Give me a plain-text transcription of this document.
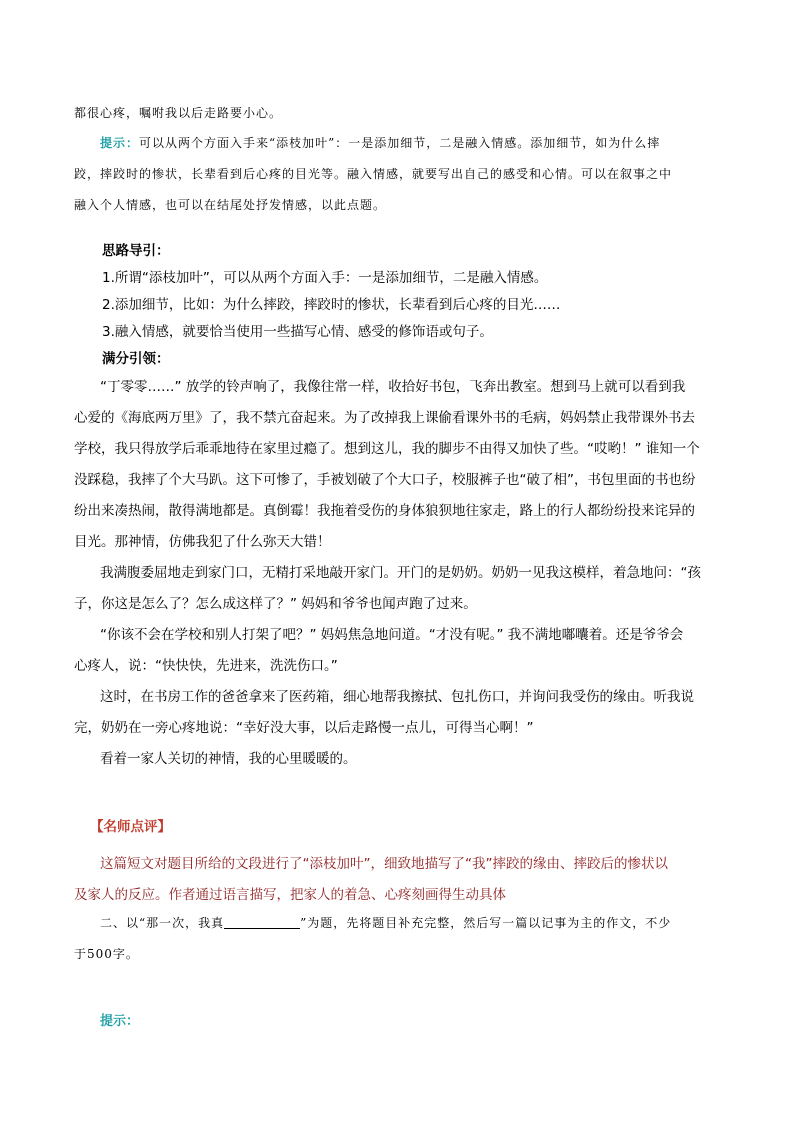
都很心疼，嘱咐我以后走路要小心。

提示：可以从两个方面入手来“添枝加叶”：一是添加细节，二是融入情感。添加细节，如为什么摔
跤，摔跤时的惨状，长辈看到后心疼的目光等。融入情感，就要写出自己的感受和心情。可以在叙事之中
融入个人情感，也可以在结尾处抒发情感，以此点题。
思路导引：
1.所谓“添枝加叶”，可以从两个方面入手：一是添加细节，二是融入情感。
2.添加细节，比如：为什么摔跤，摔跤时的惨状，长辈看到后心疼的目光……
3.融入情感，就要恰当使用一些描写心情、感受的修饰语或句子。
满分引领：
“丁零零……” 放学的铃声响了，我像往常一样，收拾好书包，飞奔出教室。想到马上就可以看到我
心爱的《海底两万里》了，我不禁亢奋起来。为了改掉我上课偷看课外书的毛病，妈妈禁止我带课外书去
学校，我只得放学后乖乖地待在家里过瘾了。想到这儿，我的脚步不由得又加快了些。“哎哟！” 谁知一个
没踩稳，我摔了个大马趴。这下可惨了，手被划破了个大口子，校服裤子也“破了相”，书包里面的书也纷
纷出来凑热闹，散得满地都是。真倒霉！我拖着受伤的身体狼狈地往家走，路上的行人都纷纷投来诧异的
目光。那神情，仿佛我犯了什么弥天大错！
我满腹委屈地走到家门口，无精打采地敲开家门。开门的是奶奶。奶奶一见我这模样，着急地问：“孩
子，你这是怎么了？怎么成这样了？” 妈妈和爷爷也闻声跑了过来。
“你该不会在学校和别人打架了吧？” 妈妈焦急地问道。“才没有呢。” 我不满地嘟囔着。还是爷爷会
心疼人，说：“快快快，先进来，洗洗伤口。”
这时，在书房工作的爸爸拿来了医药箱，细心地帮我擦拭、包扎伤口，并询问我受伤的缘由。听我说
完，奶奶在一旁心疼地说：“幸好没大事，以后走路慢一点儿，可得当心啊！”
看着一家人关切的神情，我的心里暖暖的。
【名师点评】
这篇短文对题目所给的文段进行了“添枝加叶”，细致地描写了“我”摔跤的缘由、摔跤后的惨状以
及家人的反应。作者通过语言描写，把家人的着急、心疼刻画得生动具体
二、以“那一次，我真	”为题，先将题目补充完整，然后写一篇以记事为主的作文，不少
于500字。
提示：
